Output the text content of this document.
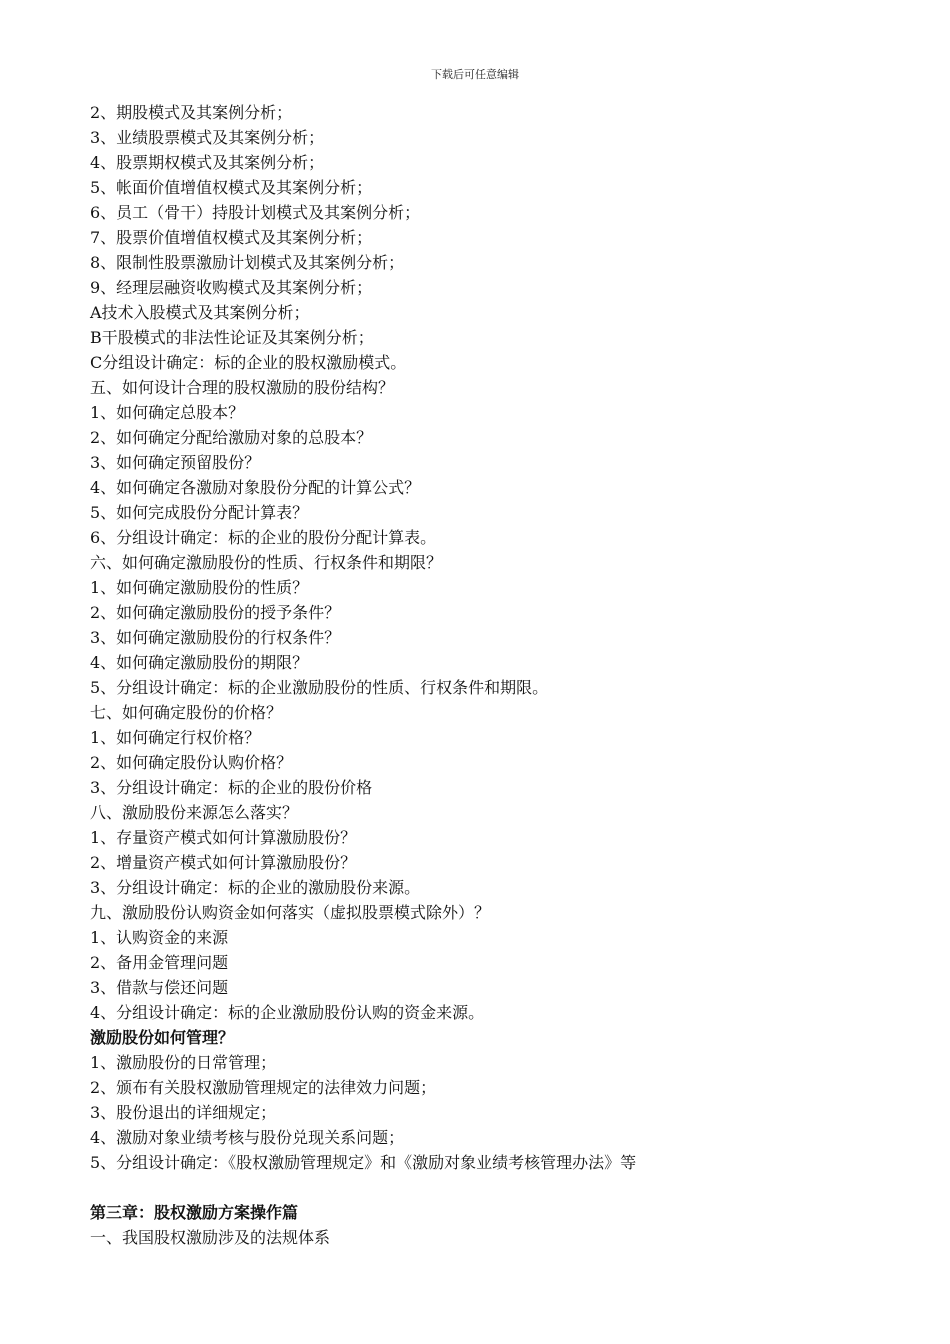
下载后可任意编辑
2、期股模式及其案例分析；
3、业绩股票模式及其案例分析；
4、股票期权模式及其案例分析；
5、帐面价值增值权模式及其案例分析；
6、员工（骨干）持股计划模式及其案例分析；
7、股票价值增值权模式及其案例分析；
8、限制性股票激励计划模式及其案例分析；
9、经理层融资收购模式及其案例分析；
A技术入股模式及其案例分析；
B干股模式的非法性论证及其案例分析；
C分组设计确定：标的企业的股权激励模式。
五、如何设计合理的股权激励的股份结构？
1、如何确定总股本？
2、如何确定分配给激励对象的总股本？
3、如何确定预留股份？
4、如何确定各激励对象股份分配的计算公式？
5、如何完成股份分配计算表？
6、分组设计确定：标的企业的股份分配计算表。
六、如何确定激励股份的性质、行权条件和期限？
1、如何确定激励股份的性质？
2、如何确定激励股份的授予条件？
3、如何确定激励股份的行权条件？
4、如何确定激励股份的期限？
5、分组设计确定：标的企业激励股份的性质、行权条件和期限。
七、如何确定股份的价格？
1、如何确定行权价格？
2、如何确定股份认购价格？
3、分组设计确定：标的企业的股份价格
八、激励股份来源怎么落实？
1、存量资产模式如何计算激励股份？
2、增量资产模式如何计算激励股份？
3、分组设计确定：标的企业的激励股份来源。
九、激励股份认购资金如何落实（虚拟股票模式除外）？
1、认购资金的来源
2、备用金管理问题
3、借款与偿还问题
4、分组设计确定：标的企业激励股份认购的资金来源。
激励股份如何管理？
1、激励股份的日常管理；
2、颁布有关股权激励管理规定的法律效力问题；
3、股份退出的详细规定；
4、激励对象业绩考核与股份兑现关系问题；
5、分组设计确定：《股权激励管理规定》和《激励对象业绩考核管理办法》等
第三章：股权激励方案操作篇
一、我国股权激励涉及的法规体系
